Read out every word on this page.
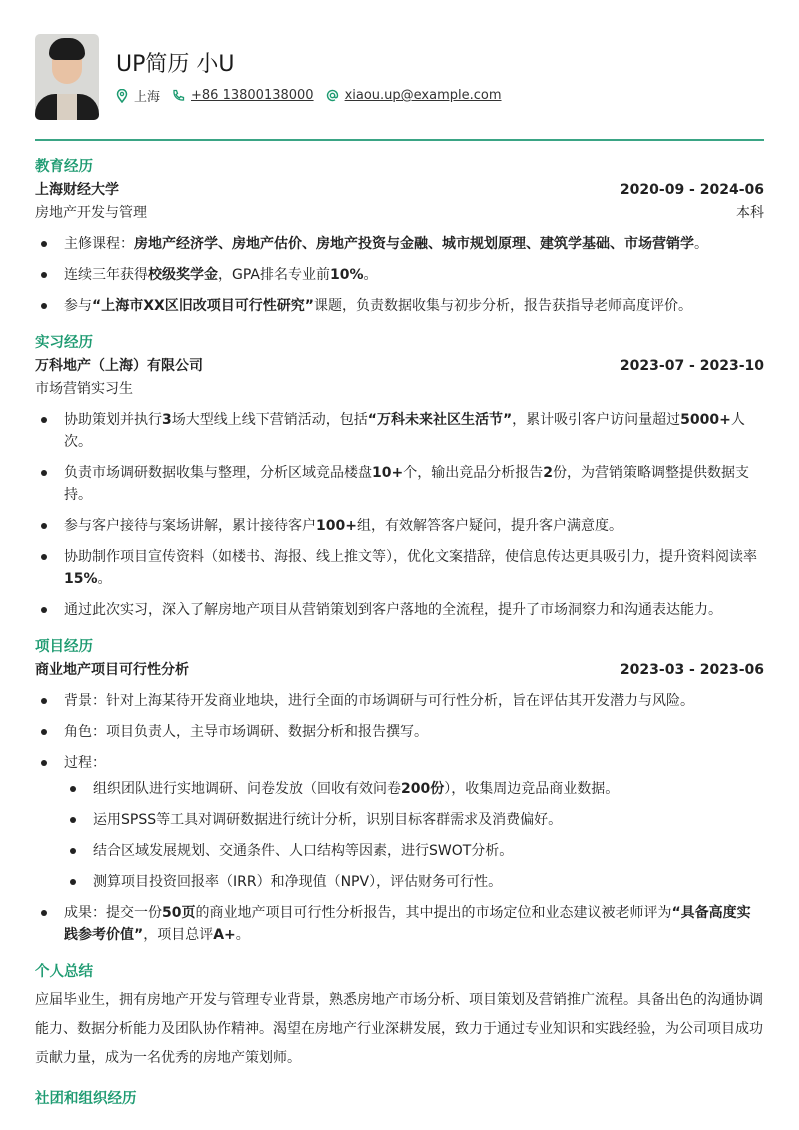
UP简历 小U
上海 +86 13800138000 xiaou.up@example.com
教育经历
上海财经大学	2020-09 - 2024-06
房地产开发与管理	本科
主修课程：房地产经济学、房地产估价、房地产投资与金融、城市规划原理、建筑学基础、市场营销学。
连续三年获得校级奖学金，GPA排名专业前10%。
参与“上海市XX区旧改项目可行性研究”课题，负责数据收集与初步分析，报告获指导老师高度评价。
实习经历
万科地产（上海）有限公司	2023-07 - 2023-10
市场营销实习生
协助策划并执行3场大型线上线下营销活动，包括“万科未来社区生活节”，累计吸引客户访问量超过5000+人次。
负责市场调研数据收集与整理，分析区域竞品楼盘10+个，输出竞品分析报告2份，为营销策略调整提供数据支持。
参与客户接待与案场讲解，累计接待客户100+组，有效解答客户疑问，提升客户满意度。
协助制作项目宣传资料（如楼书、海报、线上推文等），优化文案措辞，使信息传达更具吸引力，提升资料阅读率15%。
通过此次实习，深入了解房地产项目从营销策划到客户落地的全流程，提升了市场洞察力和沟通表达能力。
项目经历
商业地产项目可行性分析	2023-03 - 2023-06
背景：针对上海某待开发商业地块，进行全面的市场调研与可行性分析，旨在评估其开发潜力与风险。
角色：项目负责人，主导市场调研、数据分析和报告撰写。
过程：
组织团队进行实地调研、问卷发放（回收有效问卷200份），收集周边竞品商业数据。
运用SPSS等工具对调研数据进行统计分析，识别目标客群需求及消费偏好。
结合区域发展规划、交通条件、人口结构等因素，进行SWOT分析。
测算项目投资回报率（IRR）和净现值（NPV），评估财务可行性。
成果：提交一份50页的商业地产项目可行性分析报告，其中提出的市场定位和业态建议被老师评为“具备高度实践参考价值”，项目总评A+。
个人总结

应届毕业生，拥有房地产开发与管理专业背景，熟悉房地产市场分析、项目策划及营销推广流程。具备出色的沟通协调能力、数据分析能力及团队协作精神。渴望在房地产行业深耕发展，致力于通过专业知识和实践经验，为公司项目成功贡献力量，成为一名优秀的房地产策划师。

社团和组织经历
